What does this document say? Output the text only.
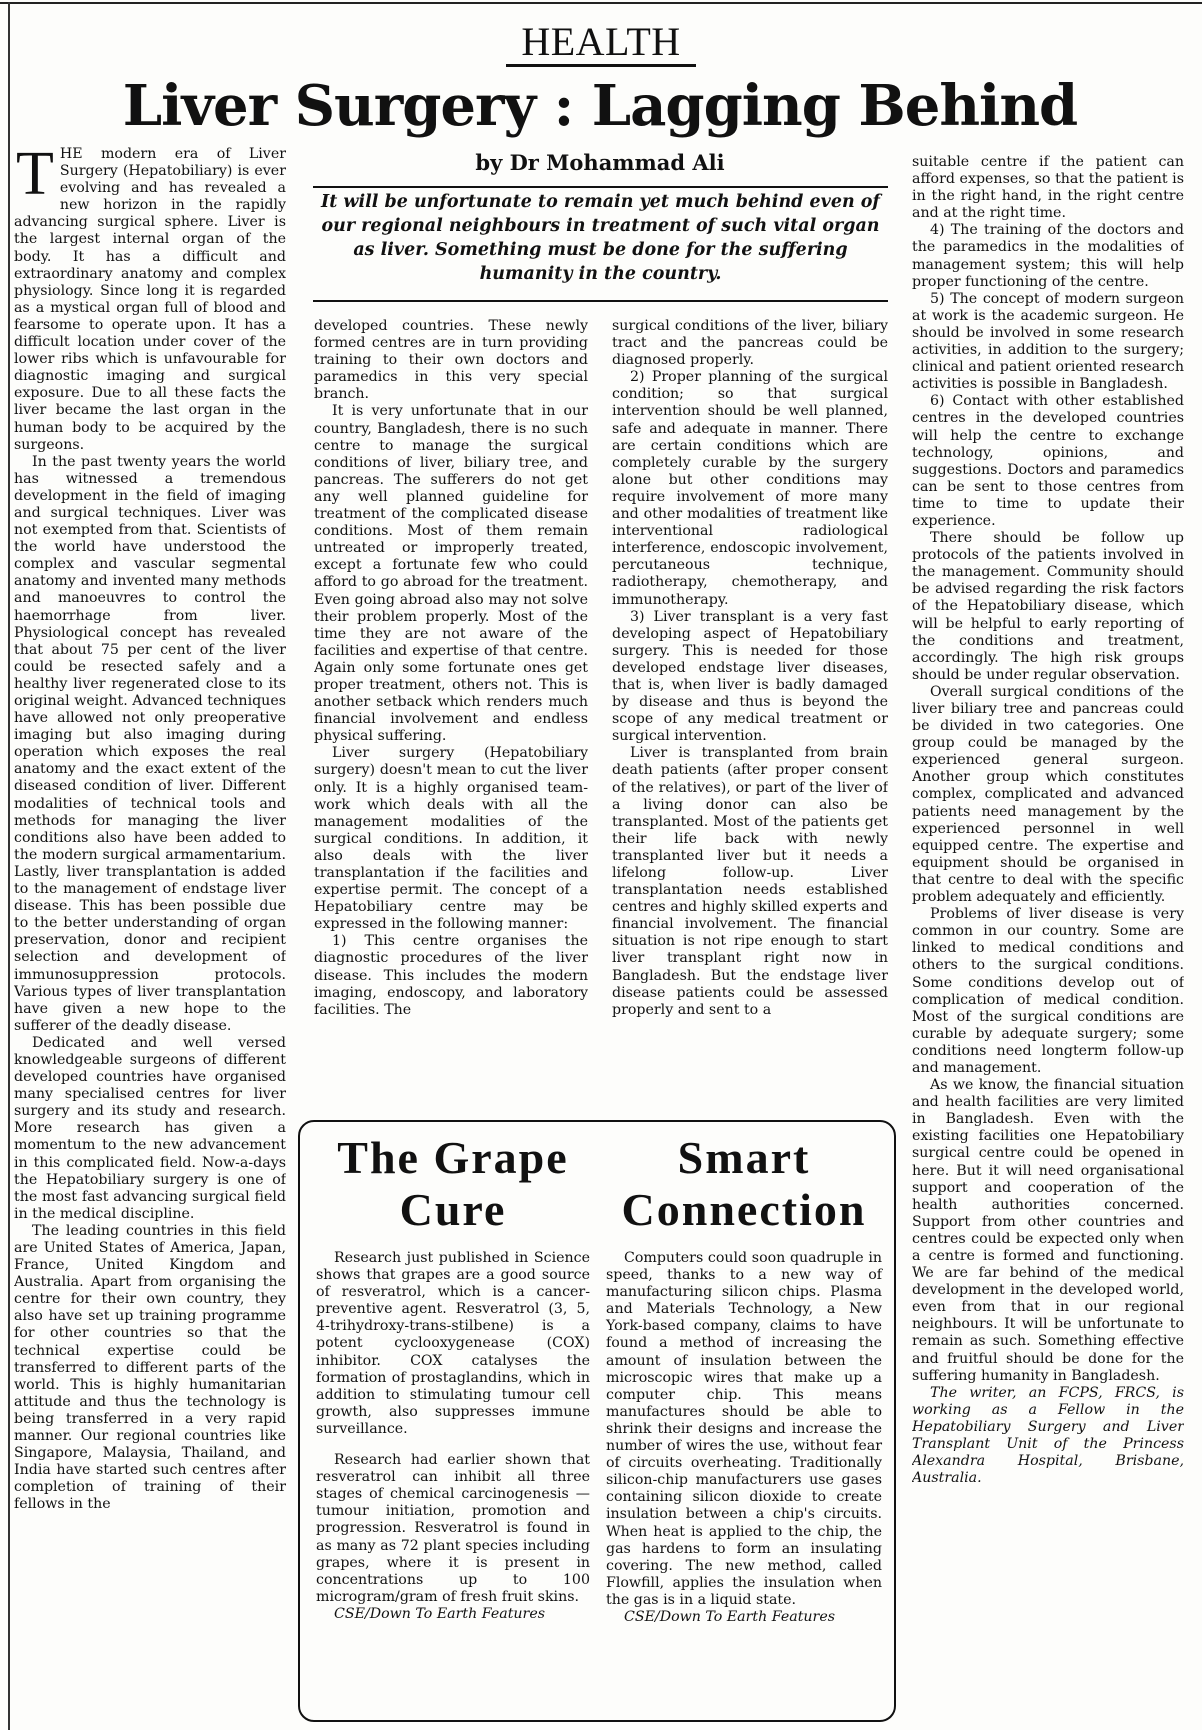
HEALTH
Liver Surgery : Lagging Behind
by Dr Mohammad Ali
It will be unfortunate to remain yet much behind even of our regional neighbours in treatment of such vital organ as liver. Something must be done for the suffering humanity in the country.

THE modern era of Liver Surgery (Hepatobiliary) is ever evolving and has revealed a new horizon in the rapidly advancing surgical sphere. Liver is the largest internal organ of the body. It has a difficult and extraordinary anatomy and complex physiology. Since long it is regarded as a mystical organ full of blood and fearsome to operate upon. It has a difficult location under cover of the lower ribs which is unfavourable for diagnostic imaging and surgical exposure. Due to all these facts the liver became the last organ in the human body to be acquired by the surgeons.

In the past twenty years the world has witnessed a tremendous development in the field of imaging and surgical techniques. Liver was not exempted from that. Scientists of the world have understood the complex and vascular segmental anatomy and invented many methods and manoeuvres to control the haemorrhage from liver. Physiological concept has revealed that about 75 per cent of the liver could be resected safely and a healthy liver regenerated close to its original weight. Advanced techniques have allowed not only preoperative imaging but also imaging during operation which exposes the real anatomy and the exact extent of the diseased condition of liver. Different modalities of technical tools and methods for managing the liver conditions also have been added to the modern surgical armamentarium. Lastly, liver transplantation is added to the management of endstage liver disease. This has been possible due to the better understanding of organ preservation, donor and recipient selection and development of immunosuppression protocols. Various types of liver transplantation have given a new hope to the sufferer of the deadly disease.

Dedicated and well versed knowledgeable surgeons of different developed countries have organised many specialised centres for liver surgery and its study and research. More research has given a momentum to the new advancement in this complicated field. Now-a-days the Hepatobiliary surgery is one of the most fast advancing surgical field in the medical discipline.

The leading countries in this field are United States of America, Japan, France, United Kingdom and Australia. Apart from organising the centre for their own country, they also have set up training programme for other countries so that the technical expertise could be transferred to different parts of the world. This is highly humanitarian attitude and thus the technology is being transferred in a very rapid manner. Our regional countries like Singapore, Malaysia, Thailand, and India have started such centres after completion of training of their fellows in the

developed countries. These newly formed centres are in turn providing training to their own doctors and paramedics in this very special branch.

It is very unfortunate that in our country, Bangladesh, there is no such centre to manage the surgical conditions of liver, biliary tree, and pancreas. The sufferers do not get any well planned guideline for treatment of the complicated disease conditions. Most of them remain untreated or improperly treated, except a fortunate few who could afford to go abroad for the treatment. Even going abroad also may not solve their problem properly. Most of the time they are not aware of the facilities and expertise of that centre. Again only some fortunate ones get proper treatment, others not. This is another setback which renders much financial involvement and endless physical suffering.

Liver surgery (Hepatobiliary surgery) doesn't mean to cut the liver only. It is a highly organised team-work which deals with all the management modalities of the surgical conditions. In addition, it also deals with the liver transplantation if the facilities and expertise permit. The concept of a Hepatobiliary centre may be expressed in the following manner:

1) This centre organises the diagnostic procedures of the liver disease. This includes the modern imaging, endoscopy, and laboratory facilities. The

surgical conditions of the liver, biliary tract and the pancreas could be diagnosed properly.

2) Proper planning of the surgical condition; so that surgical intervention should be well planned, safe and adequate in manner. There are certain conditions which are completely curable by the surgery alone but other conditions may require involvement of more many and other modalities of treatment like interventional radiological interference, endoscopic involvement, percutaneous technique, radiotherapy, chemotherapy, and immunotherapy.

3) Liver transplant is a very fast developing aspect of Hepatobiliary surgery. This is needed for those developed endstage liver diseases, that is, when liver is badly damaged by disease and thus is beyond the scope of any medical treatment or surgical intervention.

Liver is transplanted from brain death patients (after proper consent of the relatives), or part of the liver of a living donor can also be transplanted. Most of the patients get their life back with newly transplanted liver but it needs a lifelong follow-up. Liver transplantation needs established centres and highly skilled experts and financial involvement. The financial situation is not ripe enough to start liver transplant right now in Bangladesh. But the endstage liver disease patients could be assessed properly and sent to a

suitable centre if the patient can afford expenses, so that the patient is in the right hand, in the right centre and at the right time.

4) The training of the doctors and the paramedics in the modalities of management system; this will help proper functioning of the centre.

5) The concept of modern surgeon at work is the academic surgeon. He should be involved in some research activities, in addition to the surgery; clinical and patient oriented research activities is possible in Bangladesh.

6) Contact with other established centres in the developed countries will help the centre to exchange technology, opinions, and suggestions. Doctors and paramedics can be sent to those centres from time to time to update their experience.

There should be follow up protocols of the patients involved in the management. Community should be advised regarding the risk factors of the Hepatobiliary disease, which will be helpful to early reporting of the conditions and treatment, accordingly. The high risk groups should be under regular observation.

Overall surgical conditions of the liver biliary tree and pancreas could be divided in two categories. One group could be managed by the experienced general surgeon. Another group which constitutes complex, complicated and advanced patients need management by the experienced personnel in well equipped centre. The expertise and equipment should be organised in that centre to deal with the specific problem adequately and efficiently.

Problems of liver disease is very common in our country. Some are linked to medical conditions and others to the surgical conditions. Some conditions develop out of complication of medical condition. Most of the surgical conditions are curable by adequate surgery; some conditions need longterm follow-up and management.

As we know, the financial situation and health facilities are very limited in Bangladesh. Even with the existing facilities one Hepatobiliary surgical centre could be opened in here. But it will need organisational support and cooperation of the health authorities concerned. Support from other countries and centres could be expected only when a centre is formed and functioning. We are far behind of the medical development in the developed world, even from that in our regional neighbours. It will be unfortunate to remain as such. Something effective and fruitful should be done for the suffering humanity in Bangladesh.

The writer, an FCPS, FRCS, is working as a Fellow in the Hepatobiliary Surgery and Liver Transplant Unit of the Princess Alexandra Hospital, Brisbane, Australia.

The Grape Cure

Research just published in Science shows that grapes are a good source of resveratrol, which is a cancer-preventive agent. Resveratrol (3, 5, 4-trihydroxy-trans-stilbene) is a potent cyclooxygenease (COX) inhibitor. COX catalyses the formation of prostaglandins, which in addition to stimulating tumour cell growth, also suppresses immune surveillance.

Research had earlier shown that resveratrol can inhibit all three stages of chemical carcinogenesis — tumour initiation, promotion and progression. Resveratrol is found in as many as 72 plant species including grapes, where it is present in concentrations up to 100 microgram/gram of fresh fruit skins.

CSE/Down To Earth Features

Smart Connection

Computers could soon quadruple in speed, thanks to a new way of manufacturing silicon chips. Plasma and Materials Technology, a New York-based company, claims to have found a method of increasing the amount of insulation between the microscopic wires that make up a computer chip. This means manufactures should be able to shrink their designs and increase the number of wires the use, without fear of circuits overheating. Traditionally silicon-chip manufacturers use gases containing silicon dioxide to create insulation between a chip's circuits. When heat is applied to the chip, the gas hardens to form an insulating covering. The new method, called Flowfill, applies the insulation when the gas is in a liquid state.

CSE/Down To Earth Features
